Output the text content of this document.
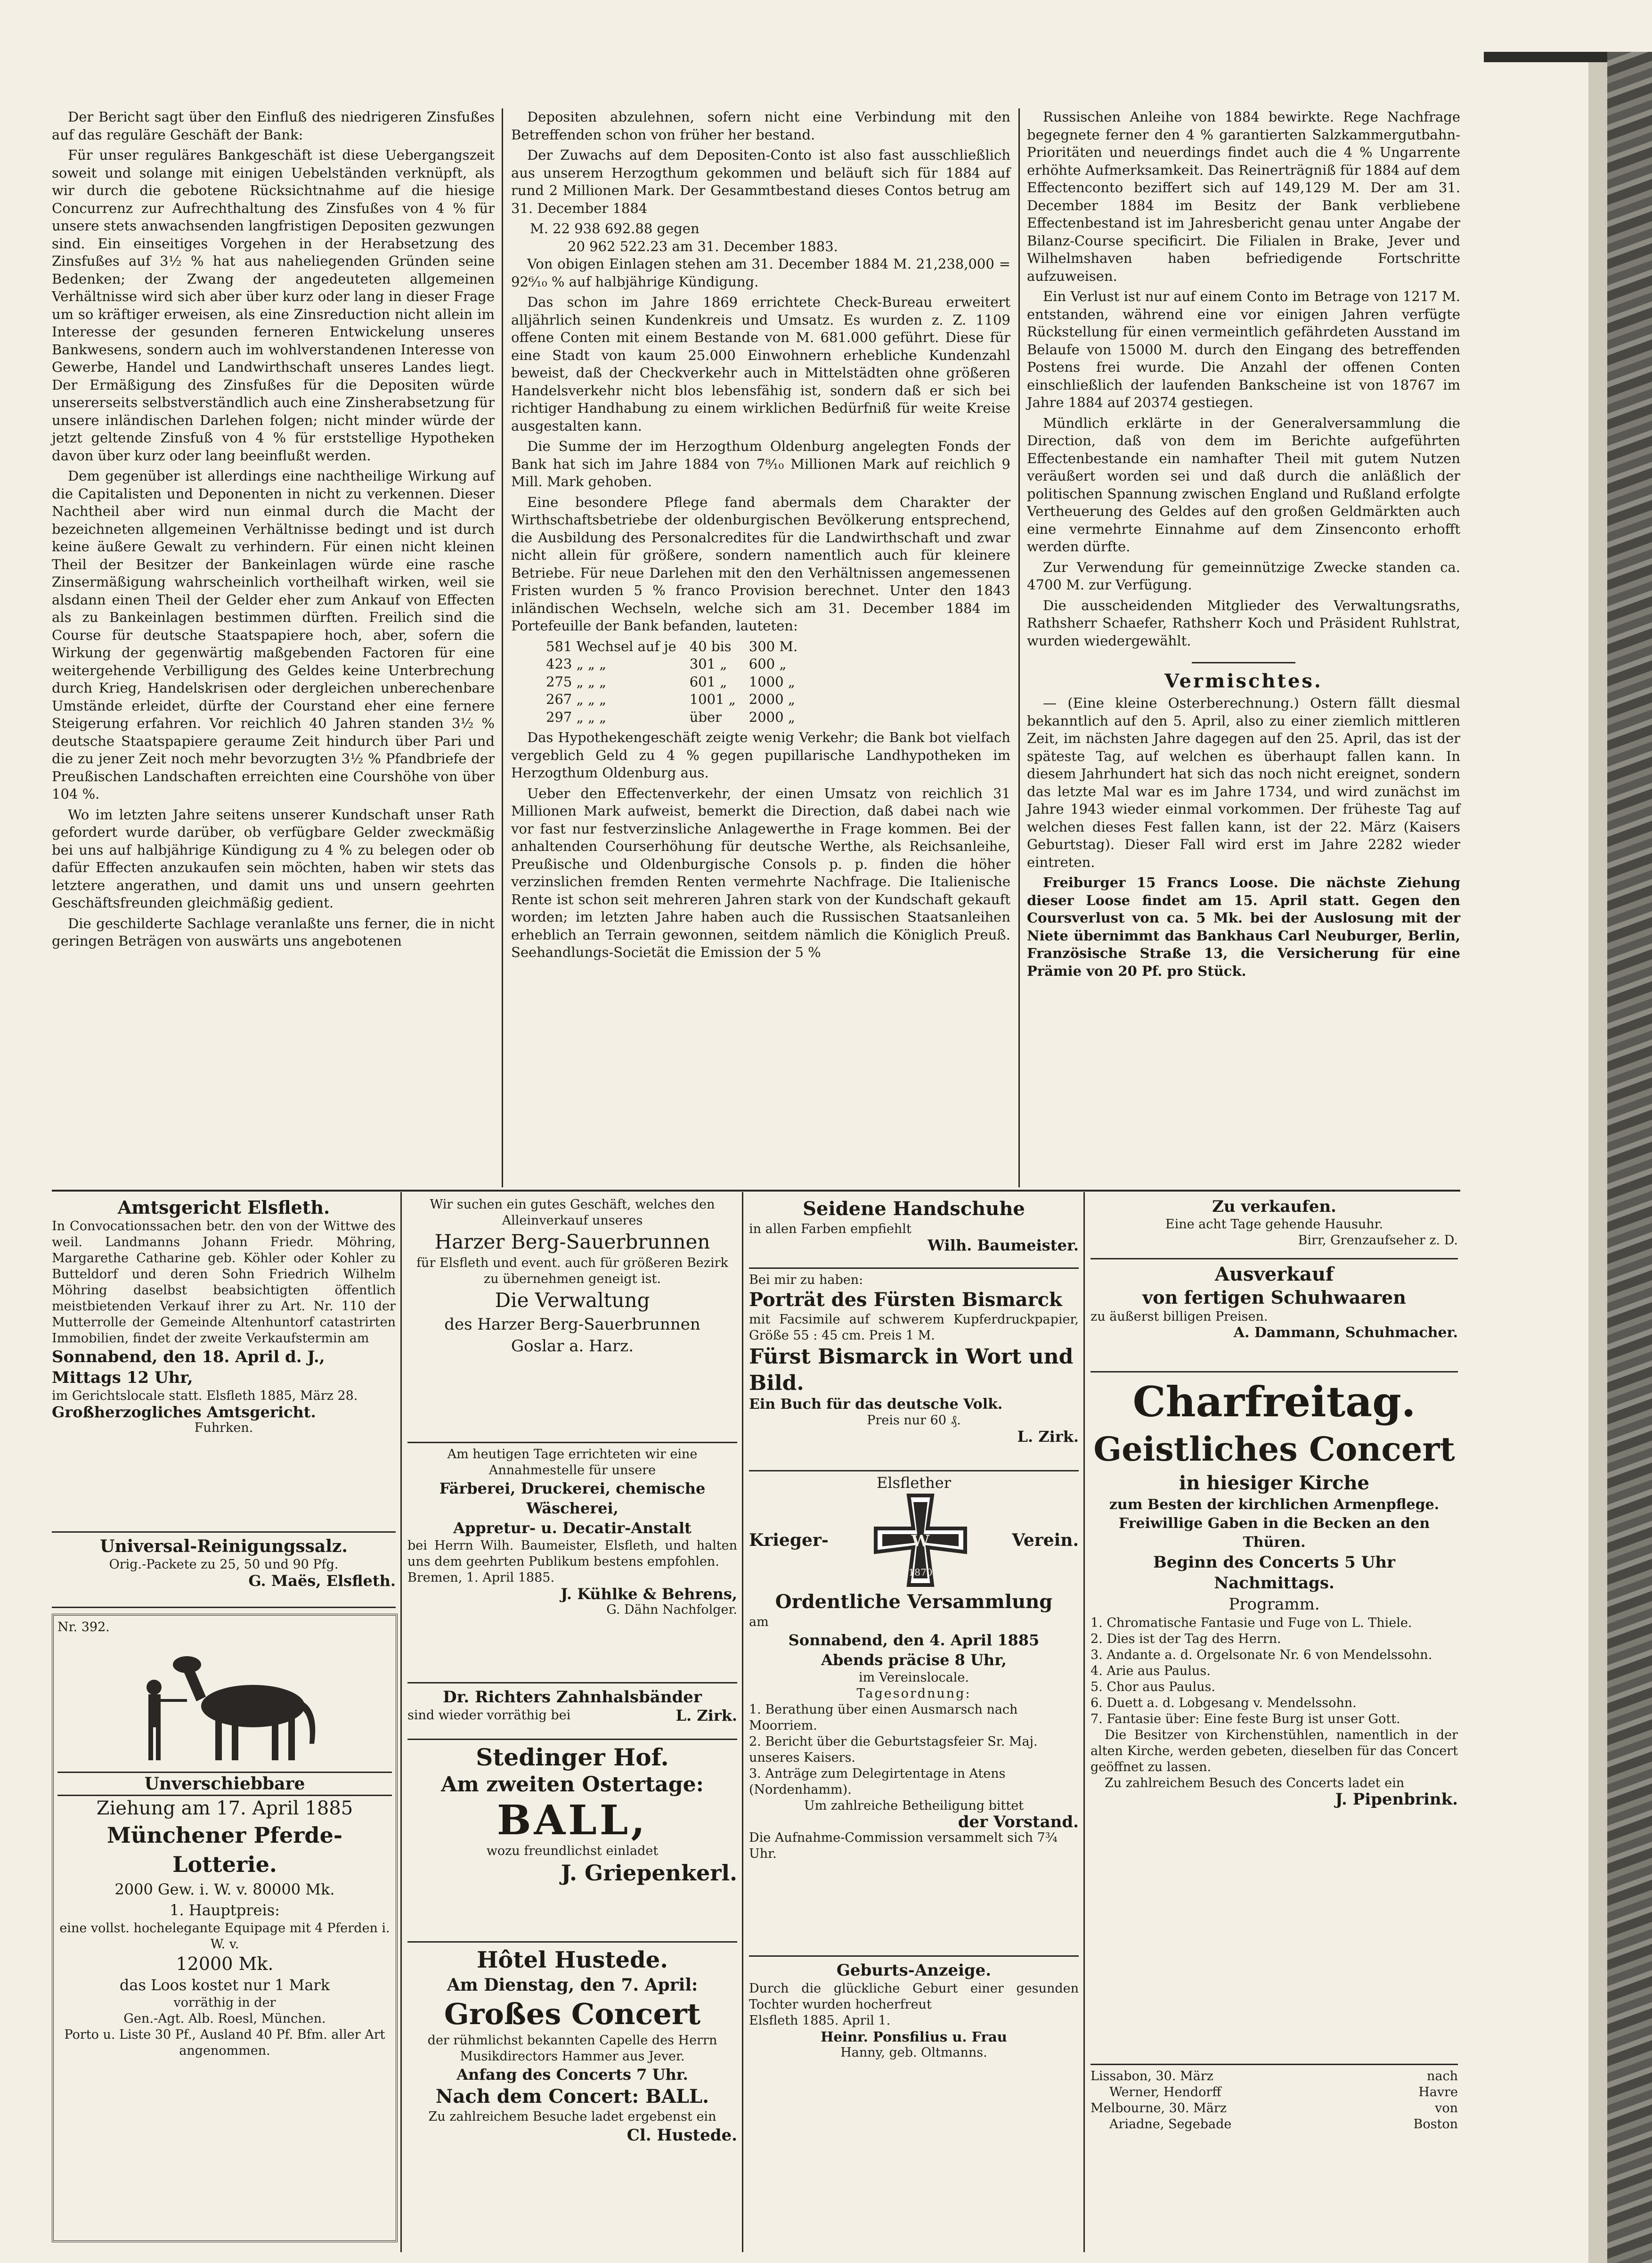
Der Bericht sagt über den Einfluß des niedrigeren Zinsfußes auf das reguläre Geschäft der Bank:

Für unser reguläres Bankgeschäft ist diese Uebergangszeit soweit und solange mit einigen Uebelständen verknüpft, als wir durch die gebotene Rücksichtnahme auf die hiesige Concurrenz zur Aufrechthaltung des Zinsfußes von 4 % für unsere stets anwachsenden langfristigen Depositen gezwungen sind. Ein einseitiges Vorgehen in der Herabsetzung des Zinsfußes auf 3½ % hat aus naheliegenden Gründen seine Bedenken; der Zwang der angedeuteten allgemeinen Verhältnisse wird sich aber über kurz oder lang in dieser Frage um so kräftiger erweisen, als eine Zinsreduction nicht allein im Interesse der gesunden ferneren Entwickelung unseres Bankwesens, sondern auch im wohlverstandenen Interesse von Gewerbe, Handel und Landwirthschaft unseres Landes liegt. Der Ermäßigung des Zinsfußes für die Depositen würde unsererseits selbstverständlich auch eine Zinsherabsetzung für unsere inländischen Darlehen folgen; nicht minder würde der jetzt geltende Zinsfuß von 4 % für erststellige Hypotheken davon über kurz oder lang beeinflußt werden.

Dem gegenüber ist allerdings eine nachtheilige Wirkung auf die Capitalisten und Deponenten in nicht zu verkennen. Dieser Nachtheil aber wird nun einmal durch die Macht der bezeichneten allgemeinen Verhältnisse bedingt und ist durch keine äußere Gewalt zu verhindern. Für einen nicht kleinen Theil der Besitzer der Bankeinlagen würde eine rasche Zinsermäßigung wahrscheinlich vortheilhaft wirken, weil sie alsdann einen Theil der Gelder eher zum Ankauf von Effecten als zu Bankeinlagen bestimmen dürften. Freilich sind die Course für deutsche Staatspapiere hoch, aber, sofern die Wirkung der gegenwärtig maßgebenden Factoren für eine weitergehende Verbilligung des Geldes keine Unterbrechung durch Krieg, Handelskrisen oder dergleichen unberechenbare Umstände erleidet, dürfte der Courstand eher eine fernere Steigerung erfahren. Vor reichlich 40 Jahren standen 3½ % deutsche Staatspapiere geraume Zeit hindurch über Pari und die zu jener Zeit noch mehr bevorzugten 3½ % Pfandbriefe der Preußischen Landschaften erreichten eine Courshöhe von über 104 %.

Wo im letzten Jahre seitens unserer Kundschaft unser Rath gefordert wurde darüber, ob verfügbare Gelder zweckmäßig bei uns auf halbjährige Kündigung zu 4 % zu belegen oder ob dafür Effecten anzukaufen sein möchten, haben wir stets das letztere angerathen, und damit uns und unsern geehrten Geschäftsfreunden gleichmäßig gedient.

Die geschilderte Sachlage veranlaßte uns ferner, die in nicht geringen Beträgen von auswärts uns angebotenen

Depositen abzulehnen, sofern nicht eine Verbindung mit den Betreffenden schon von früher her bestand.

Der Zuwachs auf dem Depositen-Conto ist also fast ausschließlich aus unserem Herzogthum gekommen und beläuft sich für 1884 auf rund 2 Millionen Mark. Der Gesammtbestand dieses Contos betrug am 31. December 1884

M. 22 938 692.88 gegen
20 962 522.23 am 31. December 1883.

Von obigen Einlagen stehen am 31. December 1884 M. 21,238,000 = 92⁶⁄₁₀ % auf halbjährige Kündigung.

Das schon im Jahre 1869 errichtete Check-Bureau erweitert alljährlich seinen Kundenkreis und Umsatz. Es wurden z. Z. 1109 offene Conten mit einem Bestande von M. 681.000 geführt. Diese für eine Stadt von kaum 25.000 Einwohnern erhebliche Kundenzahl beweist, daß der Checkverkehr auch in Mittelstädten ohne größeren Handelsverkehr nicht blos lebensfähig ist, sondern daß er sich bei richtiger Handhabung zu einem wirklichen Bedürfniß für weite Kreise ausgestalten kann.

Die Summe der im Herzogthum Oldenburg angelegten Fonds der Bank hat sich im Jahre 1884 von 7⁸⁄₁₀ Millionen Mark auf reichlich 9 Mill. Mark gehoben.

Eine besondere Pflege fand abermals dem Charakter der Wirthschaftsbetriebe der oldenburgischen Bevölkerung entsprechend, die Ausbildung des Personalcredites für die Landwirthschaft und zwar nicht allein für größere, sondern namentlich auch für kleinere Betriebe. Für neue Darlehen mit den den Verhältnissen angemessenen Fristen wurden 5 % franco Provision berechnet. Unter den 1843 inländischen Wechseln, welche sich am 31. December 1884 im Portefeuille der Bank befanden, lauteten:

581 Wechsel auf je	40 bis	300 M.
423 „ „ „	301 „	600 „
275 „ „ „	601 „	1000 „
267 „ „ „	1001 „	2000 „
297 „ „ „	über	2000 „

Das Hypothekengeschäft zeigte wenig Verkehr; die Bank bot vielfach vergeblich Geld zu 4 % gegen pupillarische Landhypotheken im Herzogthum Oldenburg aus.

Ueber den Effectenverkehr, der einen Umsatz von reichlich 31 Millionen Mark aufweist, bemerkt die Direction, daß dabei nach wie vor fast nur festverzinsliche Anlagewerthe in Frage kommen. Bei der anhaltenden Courserhöhung für deutsche Werthe, als Reichsanleihe, Preußische und Oldenburgische Consols p. p. finden die höher verzinslichen fremden Renten vermehrte Nachfrage. Die Italienische Rente ist schon seit mehreren Jahren stark von der Kundschaft gekauft worden; im letzten Jahre haben auch die Russischen Staatsanleihen erheblich an Terrain gewonnen, seitdem nämlich die Königlich Preuß. Seehandlungs-Societät die Emission der 5 %

Russischen Anleihe von 1884 bewirkte. Rege Nachfrage begegnete ferner den 4 % garantierten Salzkammergutbahn-Prioritäten und neuerdings findet auch die 4 % Ungarrente erhöhte Aufmerksamkeit. Das Reinerträgniß für 1884 auf dem Effectenconto beziffert sich auf 149,129 M. Der am 31. December 1884 im Besitz der Bank verbliebene Effectenbestand ist im Jahresbericht genau unter Angabe der Bilanz-Course specificirt. Die Filialen in Brake, Jever und Wilhelmshaven haben befriedigende Fortschritte aufzuweisen.

Ein Verlust ist nur auf einem Conto im Betrage von 1217 M. entstanden, während eine vor einigen Jahren verfügte Rückstellung für einen vermeintlich gefährdeten Ausstand im Belaufe von 15000 M. durch den Eingang des betreffenden Postens frei wurde. Die Anzahl der offenen Conten einschließlich der laufenden Bankscheine ist von 18767 im Jahre 1884 auf 20374 gestiegen.

Mündlich erklärte in der Generalversammlung die Direction, daß von dem im Berichte aufgeführten Effectenbestande ein namhafter Theil mit gutem Nutzen veräußert worden sei und daß durch die anläßlich der politischen Spannung zwischen England und Rußland erfolgte Vertheuerung des Geldes auf den großen Geldmärkten auch eine vermehrte Einnahme auf dem Zinsenconto erhofft werden dürfte.

Zur Verwendung für gemeinnützige Zwecke standen ca. 4700 M. zur Verfügung.

Die ausscheidenden Mitglieder des Verwaltungsraths, Rathsherr Schaefer, Rathsherr Koch und Präsident Ruhlstrat, wurden wiedergewählt.

Vermischtes.

— (Eine kleine Osterberechnung.) Ostern fällt diesmal bekanntlich auf den 5. April, also zu einer ziemlich mittleren Zeit, im nächsten Jahre dagegen auf den 25. April, das ist der späteste Tag, auf welchen es überhaupt fallen kann. In diesem Jahrhundert hat sich das noch nicht ereignet, sondern das letzte Mal war es im Jahre 1734, und wird zunächst im Jahre 1943 wieder einmal vorkommen. Der früheste Tag auf welchen dieses Fest fallen kann, ist der 22. März (Kaisers Geburtstag). Dieser Fall wird erst im Jahre 2282 wieder eintreten.

Freiburger 15 Francs Loose. Die nächste Ziehung dieser Loose findet am 15. April statt. Gegen den Coursverlust von ca. 5 Mk. bei der Auslosung mit der Niete übernimmt das Bankhaus Carl Neuburger, Berlin, Französische Straße 13, die Versicherung für eine Prämie von 20 Pf. pro Stück.

Amtsgericht Elsfleth.
In Convocationssachen betr. den von der Wittwe des weil. Landmanns Johann Friedr. Möhring, Margarethe Catharine geb. Köhler oder Kohler zu Butteldorf und deren Sohn Friedrich Wilhelm Möhring daselbst beabsichtigten öffentlich meistbietenden Verkauf ihrer zu Art. Nr. 110 der Mutterrolle der Gemeinde Altenhuntorf catastrirten Immobilien, findet der zweite Verkaufstermin am
Sonnabend, den 18. April d. J., Mittags 12 Uhr,
im Gerichtslocale statt. Elsfleth 1885, März 28.
Großherzogliches Amtsgericht.
Fuhrken.
Universal-Reinigungssalz.
Orig.-Packete zu 25, 50 und 90 Pfg.
G. Maës, Elsfleth.
Nr. 392.
Unverschiebbare
Ziehung am 17. April 1885
Münchener Pferde-Lotterie.
2000 Gew. i. W. v. 80000 Mk.
1. Hauptpreis:
eine vollst. hochelegante Equipage mit 4 Pferden i. W. v.
12000 Mk.
das Loos kostet nur 1 Mark
vorräthig in der
Gen.-Agt. Alb. Roesl, München.
Porto u. Liste 30 Pf., Ausland 40 Pf. Bfm. aller Art angenommen.
Wir suchen ein gutes Geschäft, welches den Alleinverkauf unseres
Harzer Berg-Sauerbrunnen
für Elsfleth und event. auch für größeren Bezirk zu übernehmen geneigt ist.
Die Verwaltung
des Harzer Berg-Sauerbrunnen
Goslar a. Harz.
Am heutigen Tage errichteten wir eine Annahmestelle für unsere
Färberei, Druckerei, chemische Wäscherei,
Appretur- u. Decatir-Anstalt
bei Herrn Wilh. Baumeister, Elsfleth, und halten uns dem geehrten Publikum bestens empfohlen.
Bremen, 1. April 1885.
J. Kühlke & Behrens,
G. Dähn Nachfolger.
Dr. Richters Zahnhalsbänder
sind wieder vorräthig bei	L. Zirk.
Stedinger Hof.
Am zweiten Ostertage:
BALL,
wozu freundlichst einladet
J. Griepenkerl.
Hôtel Hustede.
Am Dienstag, den 7. April:
Großes Concert
der rühmlichst bekannten Capelle des Herrn Musikdirectors Hammer aus Jever.
Anfang des Concerts 7 Uhr.
Nach dem Concert: BALL.
Zu zahlreichem Besuche ladet ergebenst ein
Cl. Hustede.
Seidene Handschuhe
in allen Farben empfiehlt
Wilh. Baumeister.
Bei mir zu haben:
Porträt des Fürsten Bismarck
mit Facsimile auf schwerem Kupferdruckpapier, Größe 55 : 45 cm. Preis 1 M.
Fürst Bismarck in Wort und Bild.
Ein Buch für das deutsche Volk.
Preis nur 60 ₰.
L. Zirk.
Elsflether
Krieger-	W
1870
Verein.
Ordentliche Versammlung
am
Sonnabend, den 4. April 1885
Abends präcise 8 Uhr,
im Vereinslocale.
Tagesordnung:
1. Berathung über einen Ausmarsch nach Moorriem.
2. Bericht über die Geburtstagsfeier Sr. Maj. unseres Kaisers.
3. Anträge zum Delegirtentage in Atens (Nordenhamm).
Um zahlreiche Betheiligung bittet
der Vorstand.
Die Aufnahme-Commission versammelt sich 7¾ Uhr.
Geburts-Anzeige.
Durch die glückliche Geburt einer gesunden Tochter wurden hocherfreut
Elsfleth 1885. April 1.
Heinr. Ponsfilius u. Frau
Hanny, geb. Oltmanns.
Zu verkaufen.
Eine acht Tage gehende Hausuhr.
Birr, Grenzaufseher z. D.
Ausverkauf
von fertigen Schuhwaaren
zu äußerst billigen Preisen.
A. Dammann, Schuhmacher.
Charfreitag.
Geistliches Concert
in hiesiger Kirche
zum Besten der kirchlichen Armenpflege. Freiwillige Gaben in die Becken an den Thüren.
Beginn des Concerts 5 Uhr Nachmittags.
Programm.
1. Chromatische Fantasie und Fuge von L. Thiele.
2. Dies ist der Tag des Herrn.
3. Andante a. d. Orgelsonate Nr. 6 von Mendelssohn.
4. Arie aus Paulus.
5. Chor aus Paulus.
6. Duett a. d. Lobgesang v. Mendelssohn.
7. Fantasie über: Eine feste Burg ist unser Gott.
Die Besitzer von Kirchenstühlen, namentlich in der alten Kirche, werden gebeten, dieselben für das Concert geöffnet zu lassen.
Zu zahlreichem Besuch des Concerts ladet ein
J. Pipenbrink.
Lissabon, 30. März	nach
Werner, Hendorff	Havre
Melbourne, 30. März	von
Ariadne, Segebade	Boston
